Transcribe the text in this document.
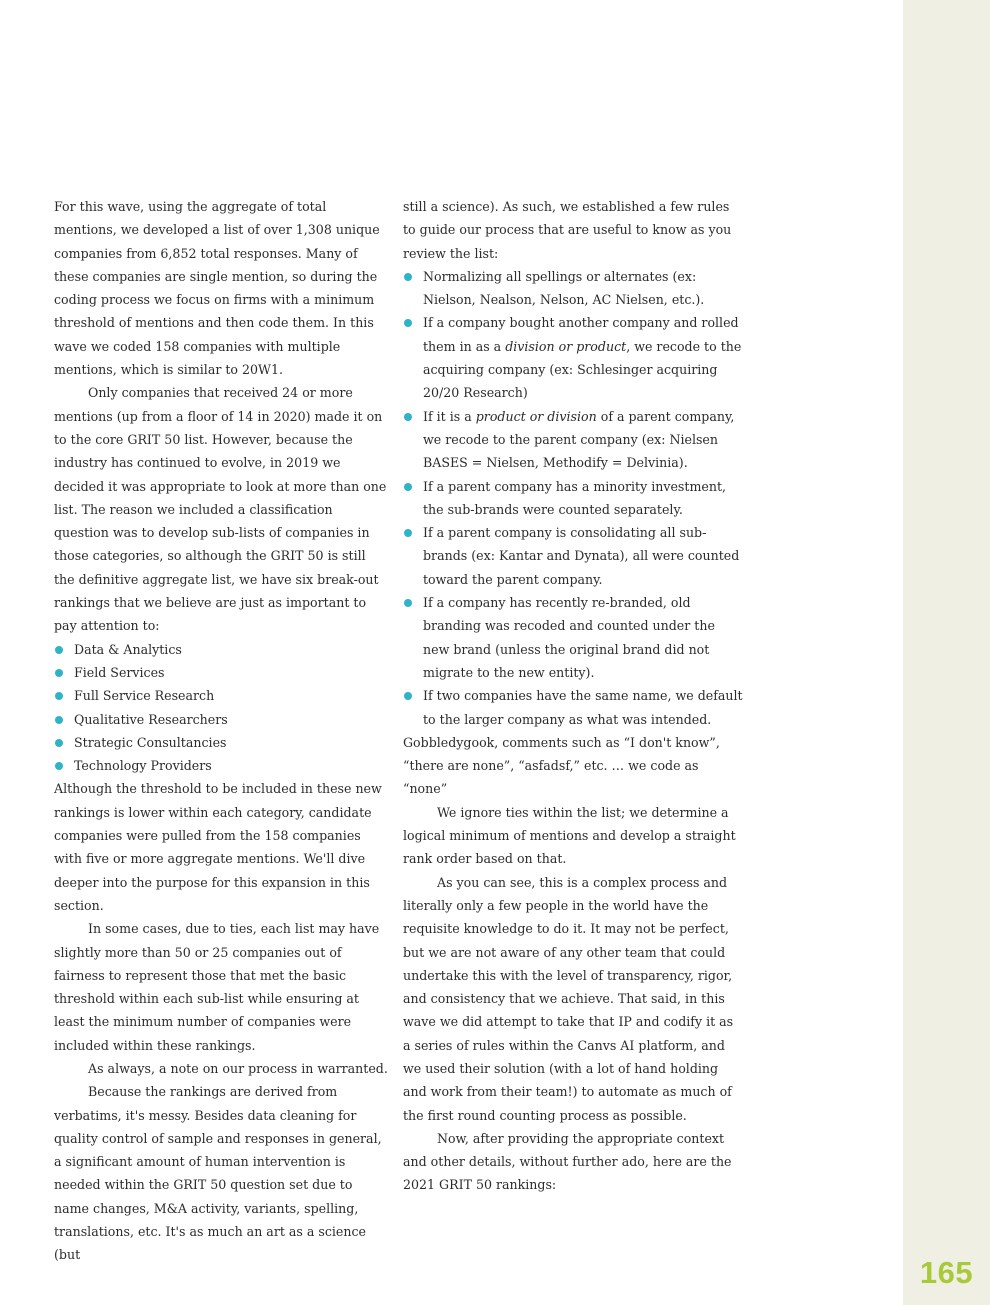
165

For this wave, using the aggregate of total mentions, we developed a list of over 1,308 unique companies from 6,852 total responses. Many of these companies are single mention, so during the coding process we focus on firms with a minimum threshold of mentions and then code them. In this wave we coded 158 companies with multiple mentions, which is similar to 20W1.

Only companies that received 24 or more mentions (up from a floor of 14 in 2020) made it on to the core GRIT 50 list. However, because the industry has continued to evolve, in 2019 we decided it was appropriate to look at more than one list. The reason we included a classification question was to develop sub-lists of companies in those categories, so although the GRIT 50 is still the definitive aggregate list, we have six break-out rankings that we believe are just as important to pay attention to:

Data & Analytics
Field Services
Full Service Research
Qualitative Researchers
Strategic Consultancies
Technology Providers

Although the threshold to be included in these new rankings is lower within each category, candidate companies were pulled from the 158 companies with five or more aggregate mentions. We'll dive deeper into the purpose for this expansion in this section.

In some cases, due to ties, each list may have slightly more than 50 or 25 companies out of fairness to represent those that met the basic threshold within each sub-list while ensuring at least the minimum number of companies were included within these rankings.

As always, a note on our process in warranted.

Because the rankings are derived from verbatims, it's messy. Besides data cleaning for quality control of sample and responses in general, a significant amount of human intervention is needed within the GRIT 50 question set due to name changes, M&A activity, variants, spelling, translations, etc. It's as much an art as a science (but

still a science). As such, we established a few rules to guide our process that are useful to know as you review the list:

Normalizing all spellings or alternates (ex: Nielson, Nealson, Nelson, AC Nielsen, etc.).
If a company bought another company and rolled them in as a division or product, we recode to the acquiring company (ex: Schlesinger acquiring 20/20 Research)
If it is a product or division of a parent company, we recode to the parent company (ex: Nielsen BASES = Nielsen, Methodify = Delvinia).
If a parent company has a minority investment, the sub-brands were counted separately.
If a parent company is consolidating all sub-brands (ex: Kantar and Dynata), all were counted toward the parent company.
If a company has recently re-branded, old branding was recoded and counted under the new brand (unless the original brand did not migrate to the new entity).
If two companies have the same name, we default to the larger company as what was intended.

Gobbledygook, comments such as “I don't know”, “there are none”, “asfadsf,” etc. … we code as “none”

We ignore ties within the list; we determine a logical minimum of mentions and develop a straight rank order based on that.

As you can see, this is a complex process and literally only a few people in the world have the requisite knowledge to do it. It may not be perfect, but we are not aware of any other team that could undertake this with the level of transparency, rigor, and consistency that we achieve. That said, in this wave we did attempt to take that IP and codify it as a series of rules within the Canvs AI platform, and we used their solution (with a lot of hand holding and work from their team!) to automate as much of the first round counting process as possible.

Now, after providing the appropriate context and other details, without further ado, here are the 2021 GRIT 50 rankings:
